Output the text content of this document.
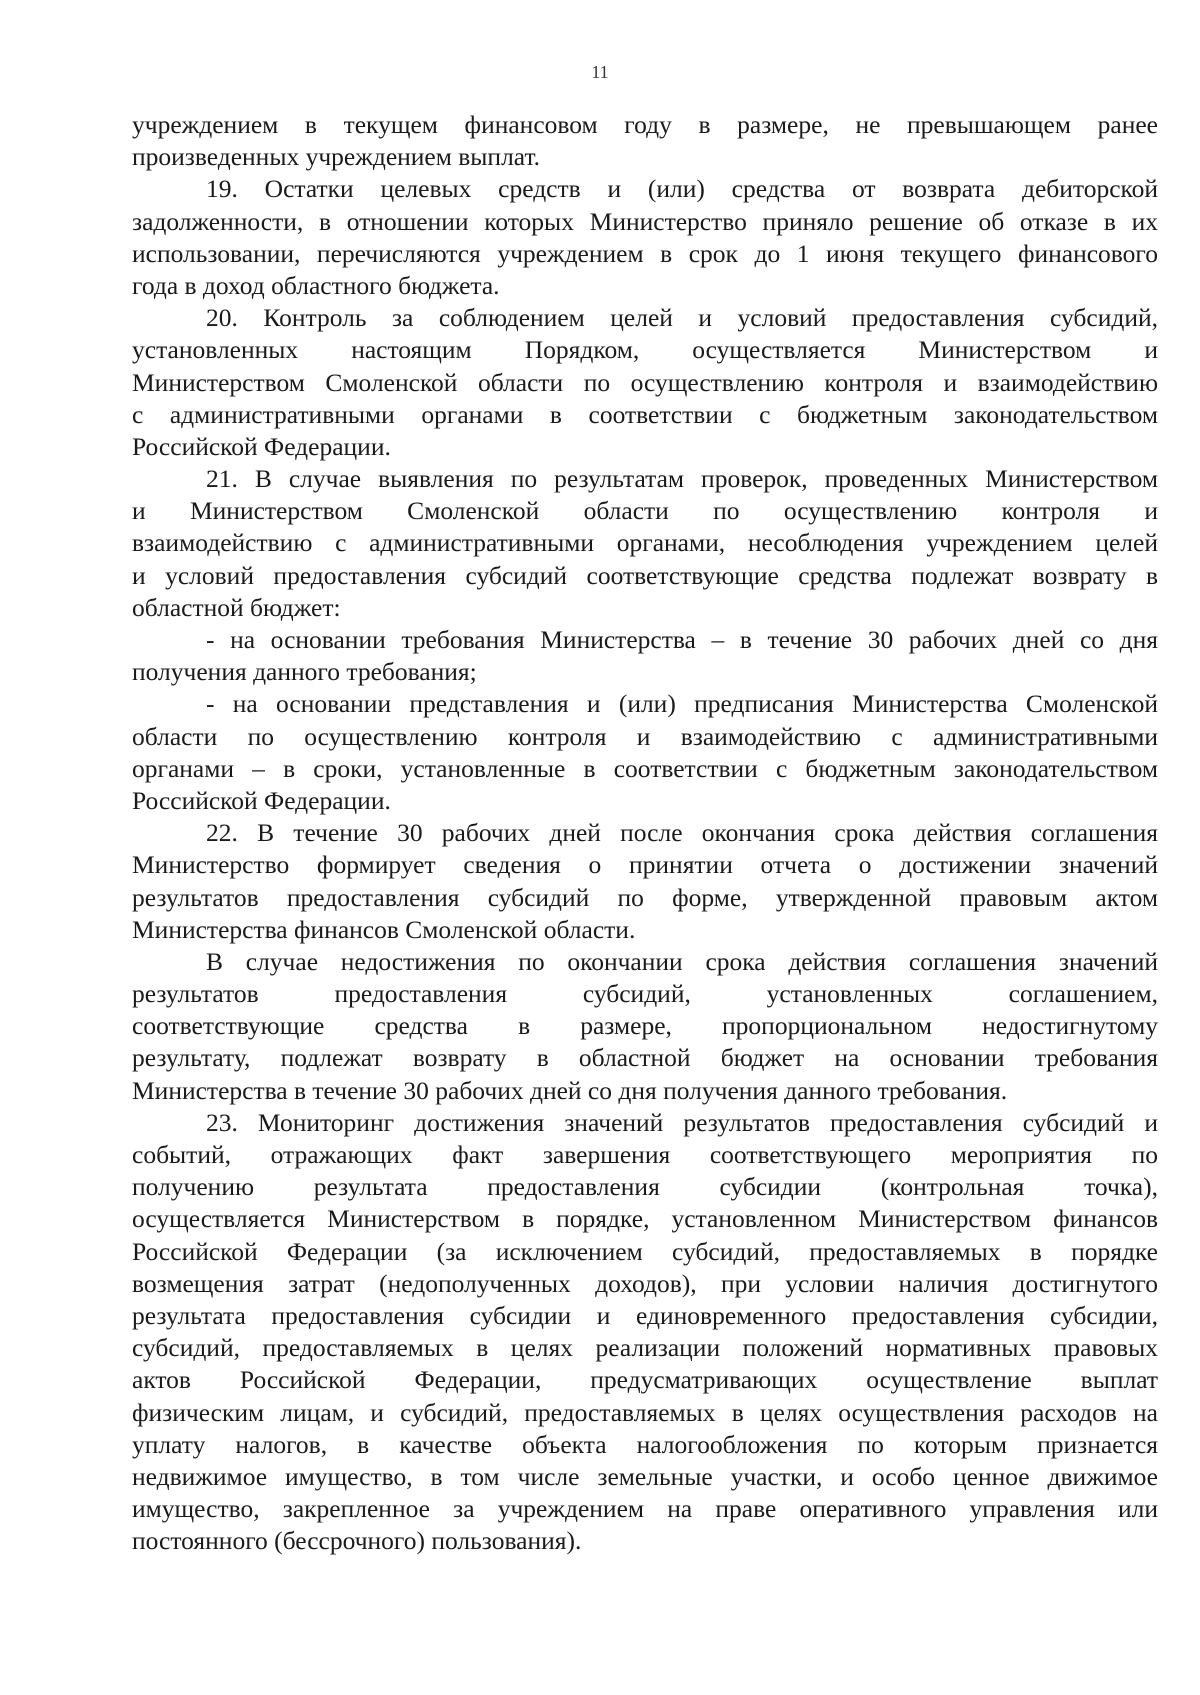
11
учреждением в текущем финансовом году в размере, не превышающем ранее
произведенных учреждением выплат.
19. Остатки целевых средств и (или) средства от возврата дебиторской
задолженности, в отношении которых Министерство приняло решение об отказе в их
использовании, перечисляются учреждением в срок до 1 июня текущего финансового
года в доход областного бюджета.
20. Контроль за соблюдением целей и условий предоставления субсидий,
установленных настоящим Порядком, осуществляется Министерством и
Министерством Смоленской области по осуществлению контроля и взаимодействию
с административными органами в соответствии с бюджетным законодательством
Российской Федерации.
21. В случае выявления по результатам проверок, проведенных Министерством
и Министерством Смоленской области по осуществлению контроля и
взаимодействию с административными органами, несоблюдения учреждением целей
и условий предоставления субсидий соответствующие средства подлежат возврату в
областной бюджет:
- на основании требования Министерства – в течение 30 рабочих дней со дня
получения данного требования;
- на основании представления и (или) предписания Министерства Смоленской
области по осуществлению контроля и взаимодействию с административными
органами – в сроки, установленные в соответствии с бюджетным законодательством
Российской Федерации.
22. В течение 30 рабочих дней после окончания срока действия соглашения
Министерство формирует сведения о принятии отчета о достижении значений
результатов предоставления субсидий по форме, утвержденной правовым актом
Министерства финансов Смоленской области.
В случае недостижения по окончании срока действия соглашения значений
результатов предоставления субсидий, установленных соглашением,
соответствующие средства в размере, пропорциональном недостигнутому
результату, подлежат возврату в областной бюджет на основании требования
Министерства в течение 30 рабочих дней со дня получения данного требования.
23. Мониторинг достижения значений результатов предоставления субсидий и
событий, отражающих факт завершения соответствующего мероприятия по
получению результата предоставления субсидии (контрольная точка),
осуществляется Министерством в порядке, установленном Министерством финансов
Российской Федерации (за исключением субсидий, предоставляемых в порядке
возмещения затрат (недополученных доходов), при условии наличия достигнутого
результата предоставления субсидии и единовременного предоставления субсидии,
субсидий, предоставляемых в целях реализации положений нормативных правовых
актов Российской Федерации, предусматривающих осуществление выплат
физическим лицам, и субсидий, предоставляемых в целях осуществления расходов на
уплату налогов, в качестве объекта налогообложения по которым признается
недвижимое имущество, в том числе земельные участки, и особо ценное движимое
имущество, закрепленное за учреждением на праве оперативного управления или
постоянного (бессрочного) пользования).
